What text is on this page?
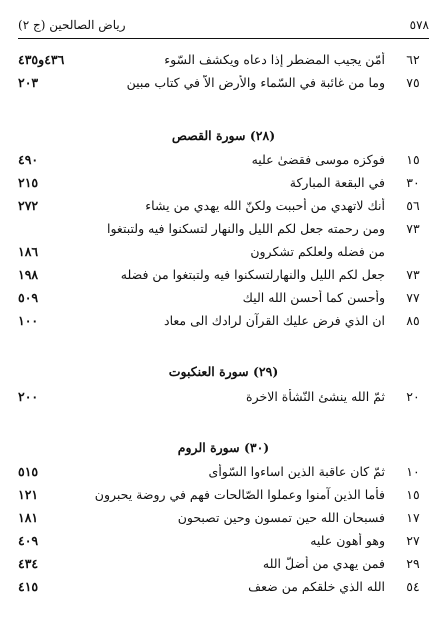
رياض الصالحين (ج ٢)	٥٧٨
٤٣٦و٤٣٥	أمّن يجيب المضطر إذا دعاه ويكشف السّوء	٦٢
٢٠٣	وما من غائبة في السّماء والأرض الاّ في كتاب مبين	٧٥
(٢٨) سورة القصص
٤٩٠	فوكزه موسى فقضىٰ عليه	١٥
٢١٥	في البقعة المباركة	٣٠
٢٧٢	أنك لاتهدي من أحببت ولكنّ الله يهدي من يشاء	٥٦
ومن رحمته جعل لكم الليل والنهار لتسكنوا فيه ولتبتغوا	٧٣
١٨٦	من فضله ولعلكم تشكرون
١٩٨	جعل لكم الليل والنهارلتسكنوا فيه ولتبتغوا من فضله	٧٣
٥٠٩	وأحسن كما أحسن الله اليك	٧٧
١٠٠	ان الذي فرض عليك القرآن لرادك الى معاد	٨٥
(٢٩) سورة العنكبوت
٢٠٠	ثمّ الله ينشئ النّشأة الاخرة	٢٠
(٣٠) سورة الروم
٥١٥	ثمّ كان عاقبة الذين اساءوا السّوأى	١٠
١٢١	فأما الذين آمنوا وعملوا الصّالحات فهم في روضة يحبرون	١٥
١٨١	فسبحان الله حين تمسون وحين تصبحون	١٧
٤٠٩	وهو أهون عليه	٢٧
٤٣٤	فمن يهدي من أضلّ الله	٢٩
٤١٥	الله الذي خلقكم من ضعف	٥٤
